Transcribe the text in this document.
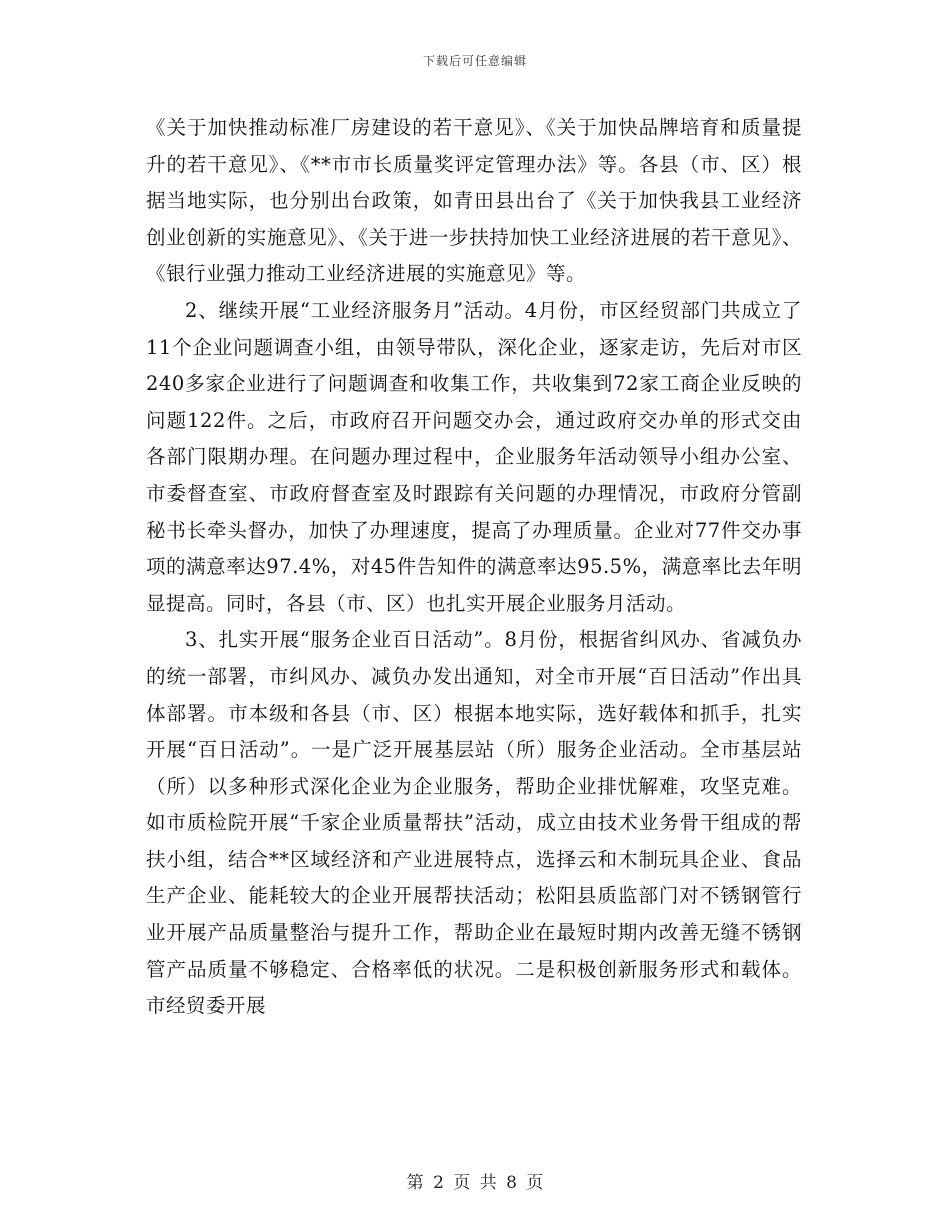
下载后可任意编辑

《关于加快推动标准厂房建设的若干意见》、《关于加快品牌培育和质量提升的若干意见》、《**市市长质量奖评定管理办法》等。各县（市、区）根据当地实际，也分别出台政策，如青田县出台了《关于加快我县工业经济创业创新的实施意见》、《关于进一步扶持加快工业经济进展的若干意见》、《银行业强力推动工业经济进展的实施意见》等。

2、继续开展“工业经济服务月”活动。4月份，市区经贸部门共成立了11个企业问题调查小组，由领导带队，深化企业，逐家走访，先后对市区240多家企业进行了问题调查和收集工作，共收集到72家工商企业反映的问题122件。之后，市政府召开问题交办会，通过政府交办单的形式交由各部门限期办理。在问题办理过程中，企业服务年活动领导小组办公室、市委督查室、市政府督查室及时跟踪有关问题的办理情况，市政府分管副秘书长牵头督办，加快了办理速度，提高了办理质量。企业对77件交办事项的满意率达97.4%，对45件告知件的满意率达95.5%，满意率比去年明显提高。同时，各县（市、区）也扎实开展企业服务月活动。

3、扎实开展“服务企业百日活动”。8月份，根据省纠风办、省减负办的统一部署，市纠风办、减负办发出通知，对全市开展“百日活动”作出具体部署。市本级和各县（市、区）根据本地实际，选好载体和抓手，扎实开展“百日活动”。一是广泛开展基层站（所）服务企业活动。全市基层站（所）以多种形式深化企业为企业服务，帮助企业排忧解难，攻坚克难。如市质检院开展“千家企业质量帮扶”活动，成立由技术业务骨干组成的帮扶小组，结合**区域经济和产业进展特点，选择云和木制玩具企业、食品生产企业、能耗较大的企业开展帮扶活动；松阳县质监部门对不锈钢管行业开展产品质量整治与提升工作，帮助企业在最短时期内改善无缝不锈钢管产品质量不够稳定、合格率低的状况。二是积极创新服务形式和载体。市经贸委开展

第 2 页 共 8 页
